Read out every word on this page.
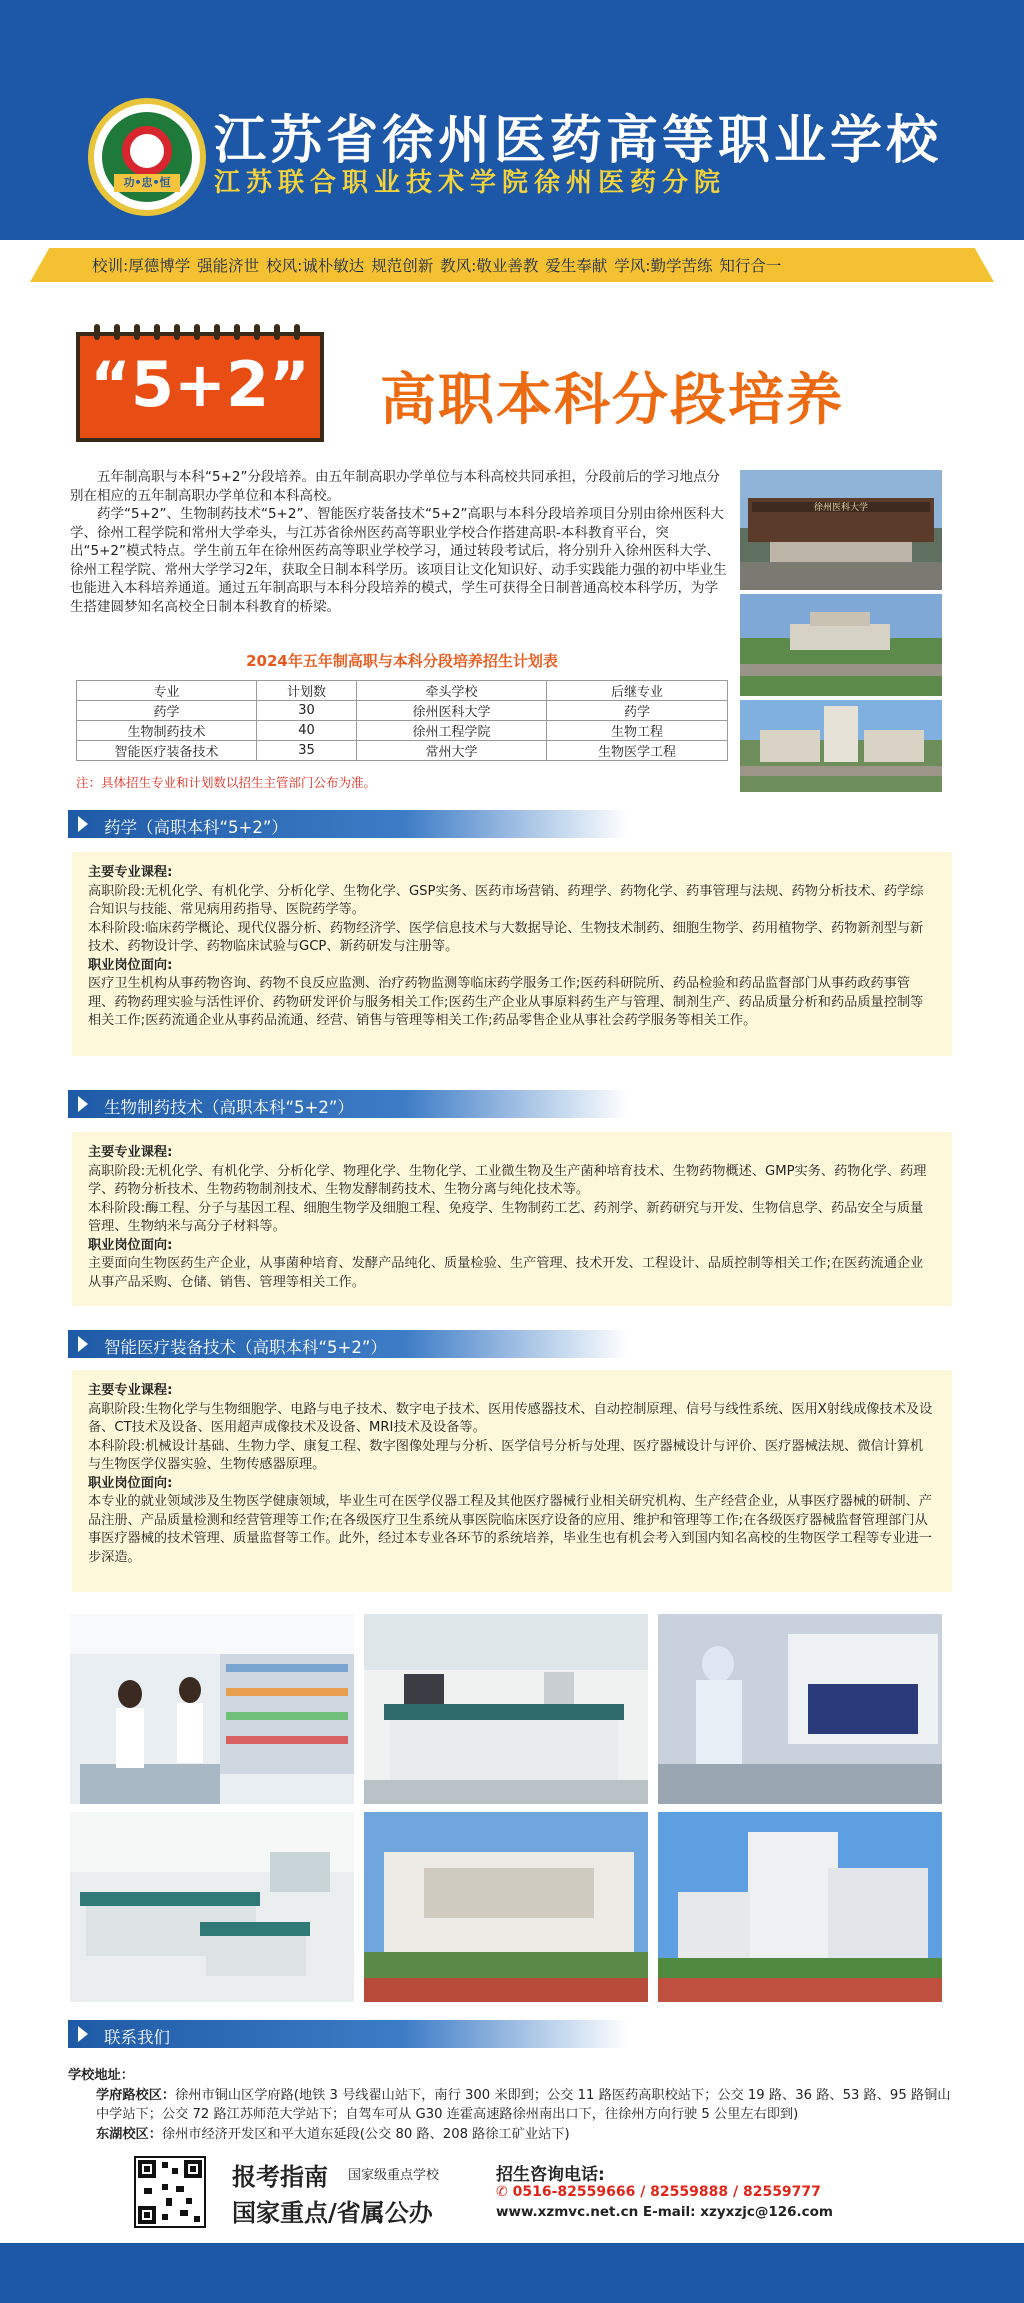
功•忠•恒
江苏省徐州医药高等职业学校
江苏联合职业技术学院徐州医药分院
校训:厚德博学 强能济世 校风:诚朴敏达 规范创新 教风:敬业善教 爱生奉献 学风:勤学苦练 知行合一
“5+2” 高职本科分段培养

五年制高职与本科“5+2”分段培养。由五年制高职办学单位与本科高校共同承担，分段前后的学习地点分别在相应的五年制高职办学单位和本科高校。

药学“5+2”、生物制药技术“5+2”、智能医疗装备技术“5+2”高职与本科分段培养项目分别由徐州医科大学、徐州工程学院和常州大学牵头，与江苏省徐州医药高等职业学校合作搭建高职-本科教育平台，突出“5+2”模式特点。学生前五年在徐州医药高等职业学校学习，通过转段考试后，将分别升入徐州医科大学、徐州工程学院、常州大学学习2年，获取全日制本科学历。该项目让文化知识好、动手实践能力强的初中毕业生也能进入本科培养通道。通过五年制高职与本科分段培养的模式，学生可获得全日制普通高校本科学历，为学生搭建圆梦知名高校全日制本科教育的桥梁。

徐州医科大学
2024年五年制高职与本科分段培养招生计划表
专业	计划数	牵头学校	后继专业
药学	30	徐州医科大学	药学
生物制药技术	40	徐州工程学院	生物工程
智能医疗装备技术	35	常州大学	生物医学工程
注：具体招生专业和计划数以招生主管部门公布为准。
药学（高职本科“5+2”）
主要专业课程:
高职阶段:无机化学、有机化学、分析化学、生物化学、GSP实务、医药市场营销、药理学、药物化学、药事管理与法规、药物分析技术、药学综合知识与技能、常见病用药指导、医院药学等。
本科阶段:临床药学概论、现代仪器分析、药物经济学、医学信息技术与大数据导论、生物技术制药、细胞生物学、药用植物学、药物新剂型与新技术、药物设计学、药物临床试验与GCP、新药研发与注册等。
职业岗位面向:
医疗卫生机构从事药物咨询、药物不良反应监测、治疗药物监测等临床药学服务工作;医药科研院所、药品检验和药品监督部门从事药政药事管理、药物药理实验与活性评价、药物研发评价与服务相关工作;医药生产企业从事原料药生产与管理、制剂生产、药品质量分析和药品质量控制等相关工作;医药流通企业从事药品流通、经营、销售与管理等相关工作;药品零售企业从事社会药学服务等相关工作。
生物制药技术（高职本科“5+2”）
主要专业课程:
高职阶段:无机化学、有机化学、分析化学、物理化学、生物化学、工业微生物及生产菌种培育技术、生物药物概述、GMP实务、药物化学、药理学、药物分析技术、生物药物制剂技术、生物发酵制药技术、生物分离与纯化技术等。
本科阶段:酶工程、分子与基因工程、细胞生物学及细胞工程、免疫学、生物制药工艺、药剂学、新药研究与开发、生物信息学、药品安全与质量管理、生物纳米与高分子材料等。
职业岗位面向:
主要面向生物医药生产企业，从事菌种培育、发酵产品纯化、质量检验、生产管理、技术开发、工程设计、品质控制等相关工作;在医药流通企业从事产品采购、仓储、销售、管理等相关工作。
智能医疗装备技术（高职本科“5+2”）
主要专业课程:
高职阶段:生物化学与生物细胞学、电路与电子技术、数字电子技术、医用传感器技术、自动控制原理、信号与线性系统、医用X射线成像技术及设备、CT技术及设备、医用超声成像技术及设备、MRI技术及设备等。
本科阶段:机械设计基础、生物力学、康复工程、数字图像处理与分析、医学信号分析与处理、医疗器械设计与评价、医疗器械法规、微信计算机与生物医学仪器实验、生物传感器原理。
职业岗位面向:
本专业的就业领域涉及生物医学健康领域，毕业生可在医学仪器工程及其他医疗器械行业相关研究机构、生产经营企业，从事医疗器械的研制、产品注册、产品质量检测和经营管理等工作;在各级医疗卫生系统从事医院临床医疗设备的应用、维护和管理等工作;在各级医疗器械监督管理部门从事医疗器械的技术管理、质量监督等工作。此外，经过本专业各环节的系统培养，毕业生也有机会考入到国内知名高校的生物医学工程等专业进一步深造。
联系我们
学校地址：
学府路校区：徐州市铜山区学府路(地铁 3 号线翟山站下，南行 300 米即到；公交 11 路医药高职校站下；公交 19 路、36 路、53 路、95 路铜山中学站下；公交 72 路江苏师范大学站下；自驾车可从 G30 连霍高速路徐州南出口下，往徐州方向行驶 5 公里左右即到)
东湖校区：徐州市经济开发区和平大道东延段(公交 80 路、208 路徐工矿业站下)
报考指南 国家级重点学校
国家重点/省属公办
招生咨询电话:
✆ 0516-82559666 / 82559888 / 82559777
www.xzmvc.net.cn E-mail: xzyxzjc@126.com
